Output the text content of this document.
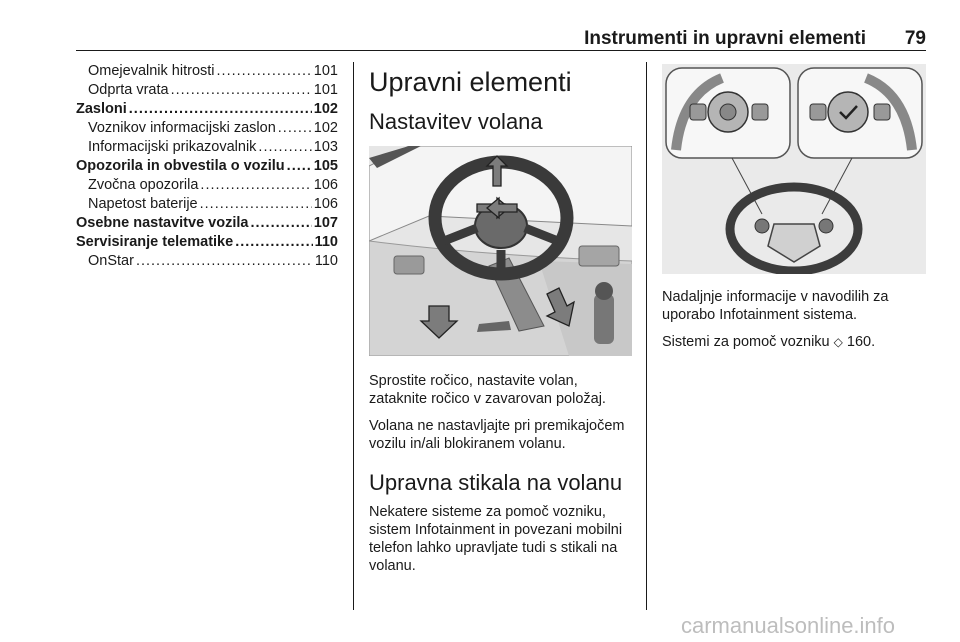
Instrumenti in upravni elementi 79
Omejevalnik hitrosti .....	101
Odprta vrata .....	101
Zasloni .....	102
Voznikov informacijski zaslon .....	102
Informacijski prikazovalnik .....	103
Opozorila in obvestila o vozilu ..... 105
Zvočna opozorila .....	106
Napetost baterije .....	106
Osebne nastavitve vozila .....	107
Servisiranje telematike .....	110
OnStar .....	110
Upravni elementi
Nastavitev volana

Sprostite ročico, nastavite volan, zataknite ročico v zavarovan položaj.

Volana ne nastavljajte pri premikajočem vozilu in/ali blokiranem volanu.

Upravna stikala na volanu

Nekatere sisteme za pomoč vozniku, sistem Infotainment in povezani mobilni telefon lahko upravljate tudi s stikali na volanu.

Nadaljnje informacije v navodilih za uporabo Infotainment sistema.

Sistemi za pomoč vozniku ◇ 160.

carmanualsonline.info
